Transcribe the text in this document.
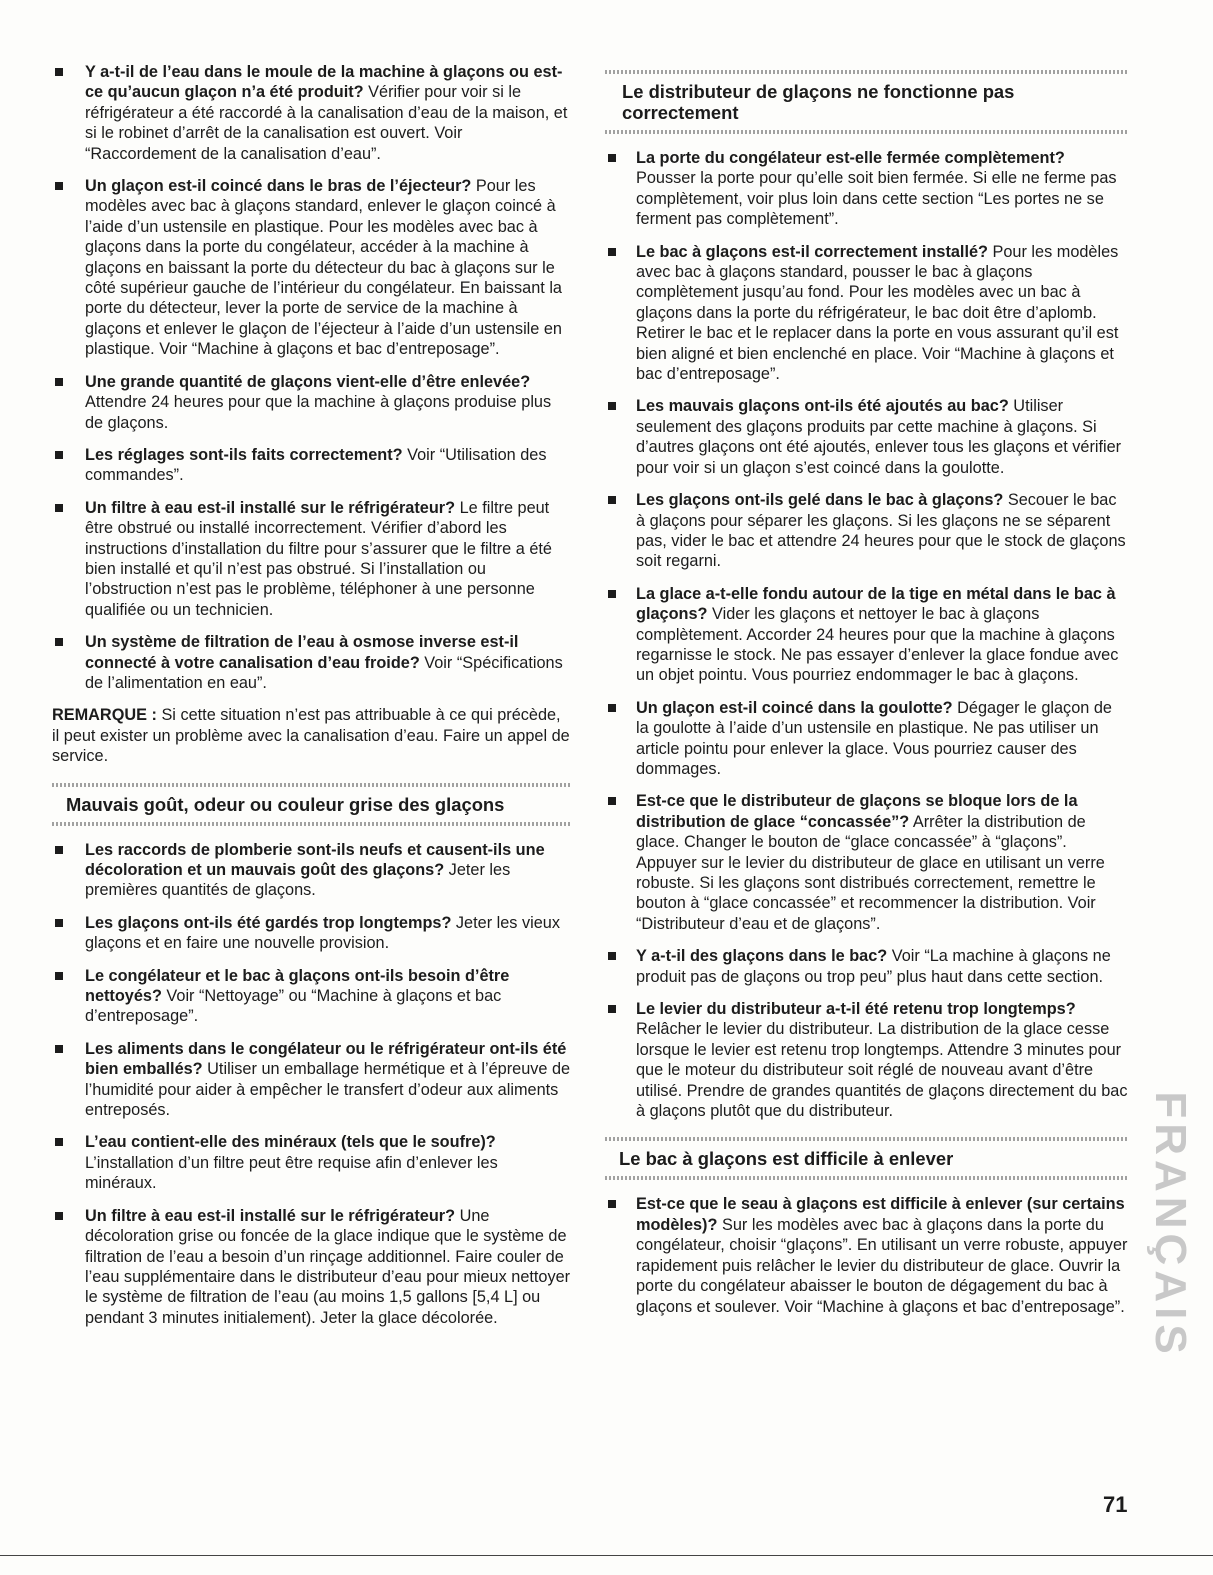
Y a-t-il de l’eau dans le moule de la machine à glaçons ou est-ce qu’aucun glaçon n’a été produit? Vérifier pour voir si le réfrigérateur a été raccordé à la canalisation d’eau de la maison, et si le robinet d’arrêt de la canalisation est ouvert. Voir “Raccordement de la canalisation d’eau”.
Un glaçon est-il coincé dans le bras de l’éjecteur? Pour les modèles avec bac à glaçons standard, enlever le glaçon coincé à l’aide d’un ustensile en plastique. Pour les modèles avec bac à glaçons dans la porte du congélateur, accéder à la machine à glaçons en baissant la porte du détecteur du bac à glaçons sur le côté supérieur gauche de l’intérieur du congélateur. En baissant la porte du détecteur, lever la porte de service de la machine à glaçons et enlever le glaçon de l’éjecteur à l’aide d’un ustensile en plastique. Voir “Machine à glaçons et bac d’entreposage”.
Une grande quantité de glaçons vient-elle d’être enlevée? Attendre 24 heures pour que la machine à glaçons produise plus de glaçons.
Les réglages sont-ils faits correctement? Voir “Utilisation des commandes”.
Un filtre à eau est-il installé sur le réfrigérateur? Le filtre peut être obstrué ou installé incorrectement. Vérifier d’abord les instructions d’installation du filtre pour s’assurer que le filtre a été bien installé et qu’il n’est pas obstrué. Si l’installation ou l’obstruction n’est pas le problème, téléphoner à une personne qualifiée ou un technicien.
Un système de filtration de l’eau à osmose inverse est-il connecté à votre canalisation d’eau froide? Voir “Spécifications de l’alimentation en eau”.

REMARQUE : Si cette situation n’est pas attribuable à ce qui précède, il peut exister un problème avec la canalisation d’eau. Faire un appel de service.

Mauvais goût, odeur ou couleur grise des glaçons
Les raccords de plomberie sont-ils neufs et causent-ils une décoloration et un mauvais goût des glaçons? Jeter les premières quantités de glaçons.
Les glaçons ont-ils été gardés trop longtemps? Jeter les vieux glaçons et en faire une nouvelle provision.
Le congélateur et le bac à glaçons ont-ils besoin d’être nettoyés? Voir “Nettoyage” ou “Machine à glaçons et bac d’entreposage”.
Les aliments dans le congélateur ou le réfrigérateur ont-ils été bien emballés? Utiliser un emballage hermétique et à l’épreuve de l’humidité pour aider à empêcher le transfert d’odeur aux aliments entreposés.
L’eau contient-elle des minéraux (tels que le soufre)? L’installation d’un filtre peut être requise afin d’enlever les minéraux.
Un filtre à eau est-il installé sur le réfrigérateur? Une décoloration grise ou foncée de la glace indique que le système de filtration de l’eau a besoin d’un rinçage additionnel. Faire couler de l’eau supplémentaire dans le distributeur d’eau pour mieux nettoyer le système de filtration de l’eau (au moins 1,5 gallons [5,4 L] ou pendant 3 minutes initialement). Jeter la glace décolorée.
Le distributeur de glaçons ne fonctionne pas correctement
La porte du congélateur est-elle fermée complètement? Pousser la porte pour qu’elle soit bien fermée. Si elle ne ferme pas complètement, voir plus loin dans cette section “Les portes ne se ferment pas complètement”.
Le bac à glaçons est-il correctement installé? Pour les modèles avec bac à glaçons standard, pousser le bac à glaçons complètement jusqu’au fond. Pour les modèles avec un bac à glaçons dans la porte du réfrigérateur, le bac doit être d’aplomb. Retirer le bac et le replacer dans la porte en vous assurant qu’il est bien aligné et bien enclenché en place. Voir “Machine à glaçons et bac d’entreposage”.
Les mauvais glaçons ont-ils été ajoutés au bac? Utiliser seulement des glaçons produits par cette machine à glaçons. Si d’autres glaçons ont été ajoutés, enlever tous les glaçons et vérifier pour voir si un glaçon s’est coincé dans la goulotte.
Les glaçons ont-ils gelé dans le bac à glaçons? Secouer le bac à glaçons pour séparer les glaçons. Si les glaçons ne se séparent pas, vider le bac et attendre 24 heures pour que le stock de glaçons soit regarni.
La glace a-t-elle fondu autour de la tige en métal dans le bac à glaçons? Vider les glaçons et nettoyer le bac à glaçons complètement. Accorder 24 heures pour que la machine à glaçons regarnisse le stock. Ne pas essayer d’enlever la glace fondue avec un objet pointu. Vous pourriez endommager le bac à glaçons.
Un glaçon est-il coincé dans la goulotte? Dégager le glaçon de la goulotte à l’aide d’un ustensile en plastique. Ne pas utiliser un article pointu pour enlever la glace. Vous pourriez causer des dommages.
Est-ce que le distributeur de glaçons se bloque lors de la distribution de glace “concassée”? Arrêter la distribution de glace. Changer le bouton de “glace concassée” à “glaçons”. Appuyer sur le levier du distributeur de glace en utilisant un verre robuste. Si les glaçons sont distribués correctement, remettre le bouton à “glace concassée” et recommencer la distribution. Voir “Distributeur d’eau et de glaçons”.
Y a-t-il des glaçons dans le bac? Voir “La machine à glaçons ne produit pas de glaçons ou trop peu” plus haut dans cette section.
Le levier du distributeur a-t-il été retenu trop longtemps? Relâcher le levier du distributeur. La distribution de la glace cesse lorsque le levier est retenu trop longtemps. Attendre 3 minutes pour que le moteur du distributeur soit réglé de nouveau avant d’être utilisé. Prendre de grandes quantités de glaçons directement du bac à glaçons plutôt que du distributeur.
Le bac à glaçons est difficile à enlever
Est-ce que le seau à glaçons est difficile à enlever (sur certains modèles)? Sur les modèles avec bac à glaçons dans la porte du congélateur, choisir “glaçons”. En utilisant un verre robuste, appuyer rapidement puis relâcher le levier du distributeur de glace. Ouvrir la porte du congélateur abaisser le bouton de dégagement du bac à glaçons et soulever. Voir “Machine à glaçons et bac d’entreposage”. FRANÇAIS
71
